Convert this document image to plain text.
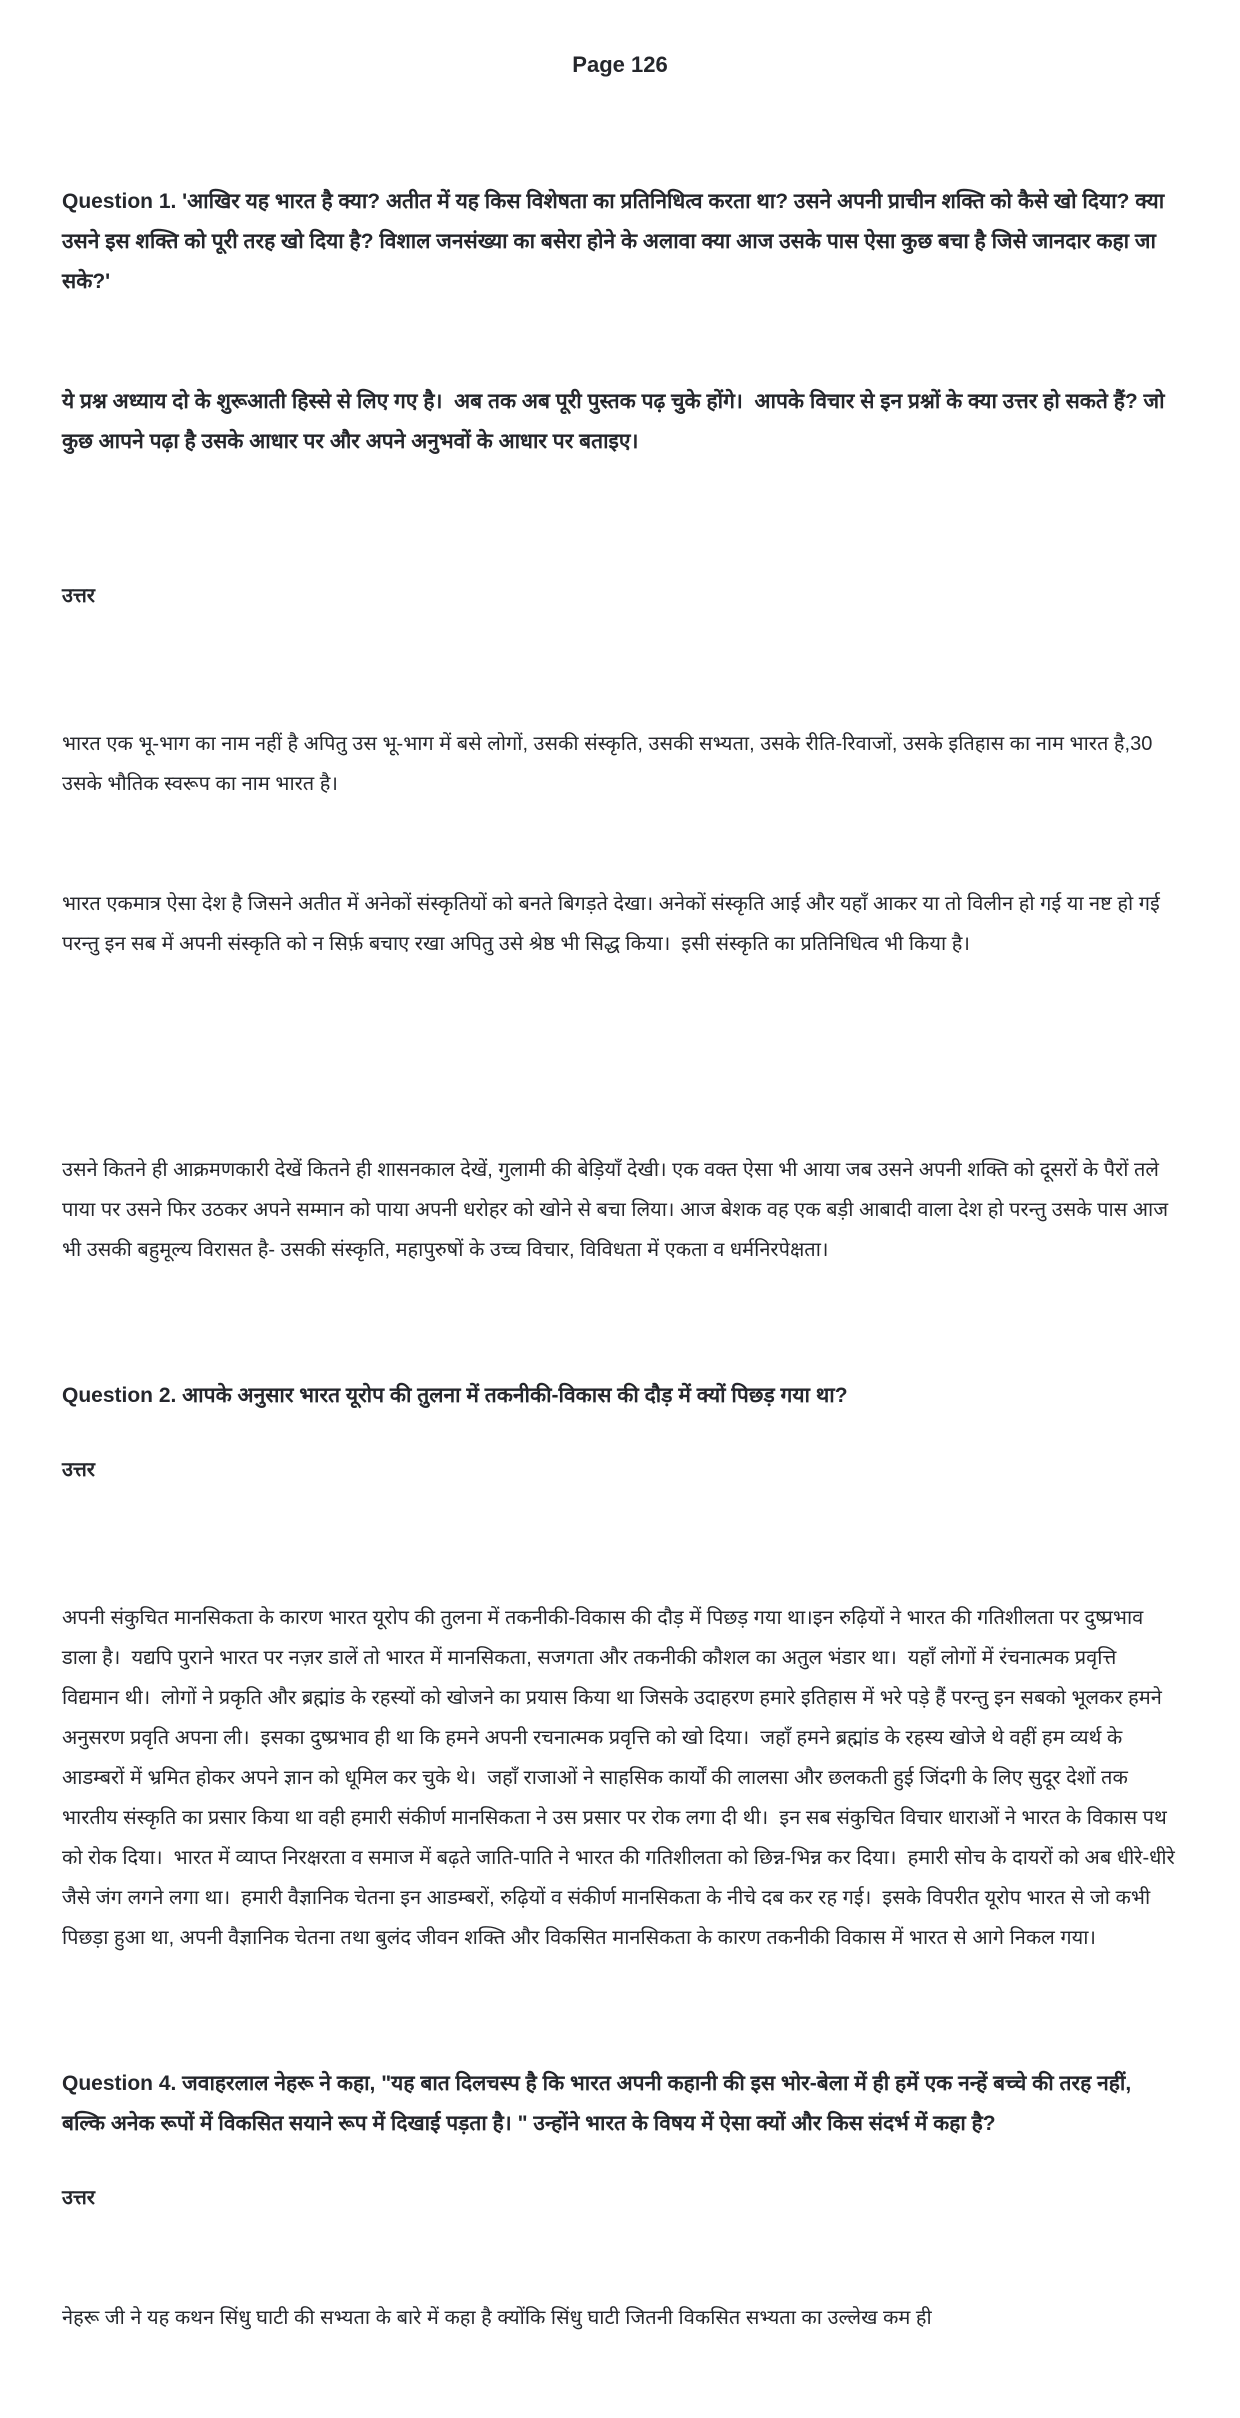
Page 126

Question 1. 'आखिर यह भारत है क्या? अतीत में यह किस विशेषता का प्रतिनिधित्व करता था? उसने अपनी प्राचीन शक्ति को कैसे खो दिया? क्या उसने इस शक्ति को पूरी तरह खो दिया है? विशाल जनसंख्या का बसेरा होने के अलावा क्या आज उसके पास ऐसा कुछ बचा है जिसे जानदार कहा जा सके?'

ये प्रश्न अध्याय दो के शुरूआती हिस्से से लिए गए है।  अब तक अब पूरी पुस्तक पढ़ चुके होंगे।  आपके विचार से इन प्रश्नों के क्या उत्तर हो सकते हैं? जो कुछ आपने पढ़ा है उसके आधार पर और अपने अनुभवों के आधार पर बताइए।

उत्तर

भारत एक भू-भाग का नाम नहीं है अपितु उस भू-भाग में बसे लोगों, उसकी संस्कृति, उसकी सभ्यता, उसके रीति-रिवाजों, उसके इतिहास का नाम भारत है,30 उसके भौतिक स्वरूप का नाम भारत है।

भारत एकमात्र ऐसा देश है जिसने अतीत में अनेकों संस्कृतियों को बनते बिगड़ते देखा। अनेकों संस्कृति आई और यहाँ आकर या तो विलीन हो गई या नष्ट हो गई परन्तु इन सब में अपनी संस्कृति को न सिर्फ़ बचाए रखा अपितु उसे श्रेष्ठ भी सिद्ध किया।  इसी संस्कृति का प्रतिनिधित्व भी किया है।

उसने कितने ही आक्रमणकारी देखें कितने ही शासनकाल देखें, गुलामी की बेड़ियाँ देखी। एक वक्त ऐसा भी आया जब उसने अपनी शक्ति को दूसरों के पैरों तले पाया पर उसने फिर उठकर अपने सम्मान को पाया अपनी धरोहर को खोने से बचा लिया। आज बेशक वह एक बड़ी आबादी वाला देश हो परन्तु उसके पास आज भी उसकी बहुमूल्य विरासत है- उसकी संस्कृति, महापुरुषों के उच्च विचार, विविधता में एकता व धर्मनिरपेक्षता।

Question 2. आपके अनुसार भारत यूरोप की तुलना में तकनीकी-विकास की दौड़ में क्यों पिछड़ गया था?

उत्तर

अपनी संकुचित मानसिकता के कारण भारत यूरोप की तुलना में तकनीकी-विकास की दौड़ में पिछड़ गया था।इन रुढ़ियों ने भारत की गतिशीलता पर दुष्प्रभाव डाला है।  यद्यपि पुराने भारत पर नज़र डालें तो भारत में मानसिकता, सजगता और तकनीकी कौशल का अतुल भंडार था।  यहाँ लोगों में रंचनात्मक प्रवृत्ति विद्यमान थी।  लोगों ने प्रकृति और ब्रह्मांड के रहस्यों को खोजने का प्रयास किया था जिसके उदाहरण हमारे इतिहास में भरे पड़े हैं परन्तु इन सबको भूलकर हमने अनुसरण प्रवृति अपना ली।  इसका दुष्प्रभाव ही था कि हमने अपनी रचनात्मक प्रवृत्ति को खो दिया।  जहाँ हमने ब्रह्मांड के रहस्य खोजे थे वहीं हम व्यर्थ के आडम्बरों में भ्रमित होकर अपने ज्ञान को धूमिल कर चुके थे।  जहाँ राजाओं ने साहसिक कार्यों की लालसा और छलकती हुई जिंदगी के लिए सुदूर देशों तक भारतीय संस्कृति का प्रसार किया था वही हमारी संकीर्ण मानसिकता ने उस प्रसार पर रोक लगा दी थी।  इन सब संकुचित विचार धाराओं ने भारत के विकास पथ को रोक दिया।  भारत में व्याप्त निरक्षरता व समाज में बढ़ते जाति-पाति ने भारत की गतिशीलता को छिन्न-भिन्न कर दिया।  हमारी सोच के दायरों को अब धीरे-धीरे जैसे जंग लगने लगा था।  हमारी वैज्ञानिक चेतना इन आडम्बरों, रुढ़ियों व संकीर्ण मानसिकता के नीचे दब कर रह गई।  इसके विपरीत यूरोप भारत से जो कभी पिछड़ा हुआ था, अपनी वैज्ञानिक चेतना तथा बुलंद जीवन शक्ति और विकसित मानसिकता के कारण तकनीकी विकास में भारत से आगे निकल गया।

Question 4. जवाहरलाल नेहरू ने कहा, "यह बात दिलचस्प है कि भारत अपनी कहानी की इस भोर-बेला में ही हमें एक नन्हें बच्चे की तरह नहीं, बल्कि अनेक रूपों में विकसित सयाने रूप में दिखाई पड़ता है। " उन्होंने भारत के विषय में ऐसा क्यों और किस संदर्भ में कहा है?

उत्तर

नेहरू जी ने यह कथन सिंधु घाटी की सभ्यता के बारे में कहा है क्योंकि सिंधु घाटी जितनी विकसित सभ्यता का उल्लेख कम ही
